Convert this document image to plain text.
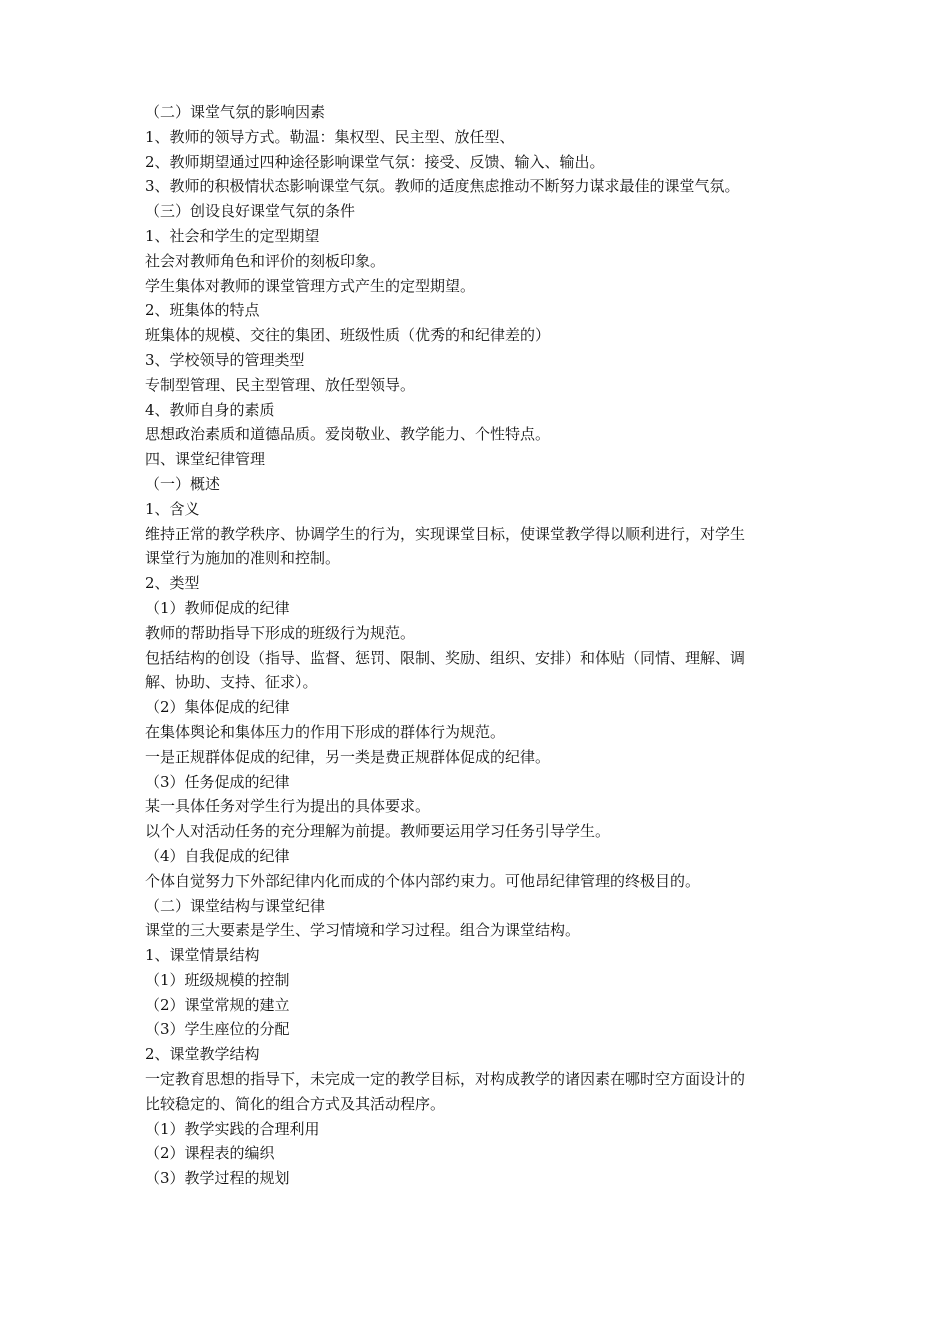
（二）课堂气氛的影响因素
1、教师的领导方式。勒温：集权型、民主型、放任型、
2、教师期望通过四种途径影响课堂气氛：接受、反馈、输入、输出。
3、教师的积极情状态影响课堂气氛。教师的适度焦虑推动不断努力谋求最佳的课堂气氛。
（三）创设良好课堂气氛的条件
1、社会和学生的定型期望
社会对教师角色和评价的刻板印象。
学生集体对教师的课堂管理方式产生的定型期望。
2、班集体的特点
班集体的规模、交往的集团、班级性质（优秀的和纪律差的）
3、学校领导的管理类型
专制型管理、民主型管理、放任型领导。
4、教师自身的素质
思想政治素质和道德品质。爱岗敬业、教学能力、个性特点。
四、课堂纪律管理
（一）概述
1、含义
维持正常的教学秩序、协调学生的行为，实现课堂目标，使课堂教学得以顺利进行，对学生
课堂行为施加的准则和控制。
2、类型
（1）教师促成的纪律
教师的帮助指导下形成的班级行为规范。
包括结构的创设（指导、监督、惩罚、限制、奖励、组织、安排）和体贴（同情、理解、调
解、协助、支持、征求）。
（2）集体促成的纪律
在集体舆论和集体压力的作用下形成的群体行为规范。
一是正规群体促成的纪律，另一类是费正规群体促成的纪律。
（3）任务促成的纪律
某一具体任务对学生行为提出的具体要求。
以个人对活动任务的充分理解为前提。教师要运用学习任务引导学生。
（4）自我促成的纪律
个体自觉努力下外部纪律内化而成的个体内部约束力。可他昂纪律管理的终极目的。
（二）课堂结构与课堂纪律
课堂的三大要素是学生、学习情境和学习过程。组合为课堂结构。
1、课堂情景结构
（1）班级规模的控制
（2）课堂常规的建立
（3）学生座位的分配
2、课堂教学结构
一定教育思想的指导下，未完成一定的教学目标，对构成教学的诸因素在哪时空方面设计的
比较稳定的、简化的组合方式及其活动程序。
（1）教学实践的合理利用
（2）课程表的编织
（3）教学过程的规划
